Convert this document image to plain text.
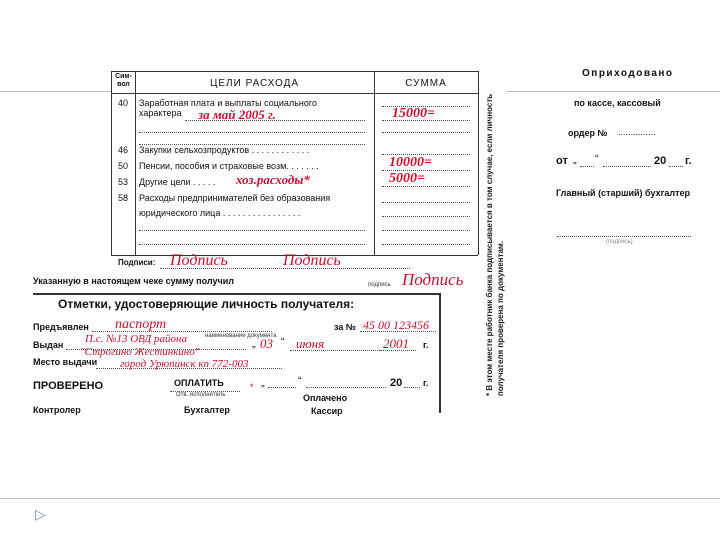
Сим-
вол	ЦЕЛИ РАСХОДА	СУММА
40	Заработная плата и выплаты социального
характера за май 2005 г.	15000=
46	Закупки сельхозпродуктов . . . . . . . . . . . .
50	Пенсии, пособия и страховые возм. . . . . . .	10000=
53	Другие цели . . . . . хоз.расходы*	5000=
58	Расходы предпринимателей без образования
юридического лица . . . . . . . . . . . . . . . .
Подписи: Подпись	Подпись
Указанную в настоящем чеке сумму получил	подпись Подпись
Отметки, удостоверяющие личность получателя:
Предъявлен паспорт
наименование документа
за № 45 00 123456
Выдан П.с. №13 ОВД района
"Строгино Жестинкино"
„ 03 “ июня	2001 г.
Место выдачи город Урюпинск кп 772-003
ПРОВЕРЕНО	ОПЛАТИТЬ	* „	“	20 г.
Отв. исполнитель
Контролер	Бухгалтер
Оплачено
Кассир
* В этом месте работник банка подписывается в том случае, если личность получателя проверена по документам.
Оприходовано
по кассе, кассовый
ордер № ...............
от „ “	20 г.
Главный (старший) бухгалтер
(подпись)
▷
